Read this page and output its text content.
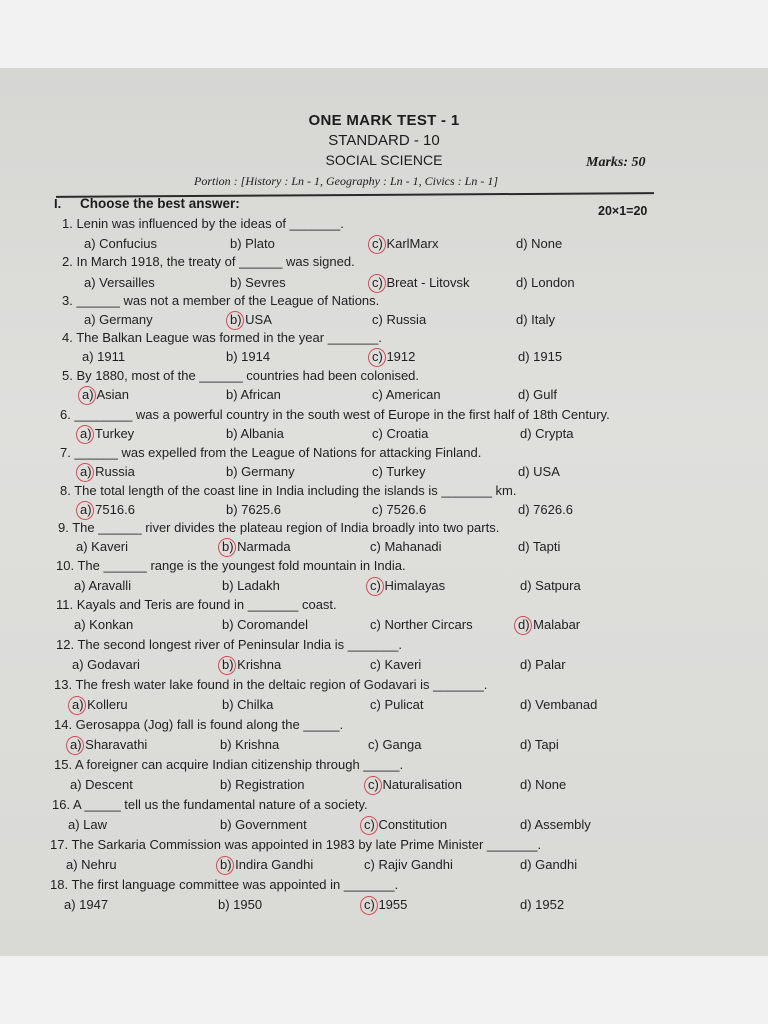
ONE MARK TEST - 1
STANDARD - 10
SOCIAL SCIENCE	Marks: 50
Portion : [History : Ln - 1, Geography : Ln - 1, Civics : Ln - 1]
I. Choose the best answer:	20×1=20
1. Lenin was influenced by the ideas of _______.
a) Confucius	b) Plato	c) KarlMarx	d) None
2. In March 1918, the treaty of ______ was signed.
a) Versailles	b) Sevres	c) Breat - Litovsk	d) London
3. ______ was not a member of the League of Nations.
a) Germany	b) USA	c) Russia	d) Italy
4. The Balkan League was formed in the year _______.
a) 1911	b) 1914	c) 1912	d) 1915
5. By 1880, most of the ______ countries had been colonised.
a) Asian	b) African	c) American	d) Gulf
6. ________ was a powerful country in the south west of Europe in the first half of 18th Century.
a) Turkey	b) Albania	c) Croatia	d) Crypta
7. ______ was expelled from the League of Nations for attacking Finland.
a) Russia	b) Germany	c) Turkey	d) USA
8. The total length of the coast line in India including the islands is _______ km.
a) 7516.6	b) 7625.6	c) 7526.6	d) 7626.6
9. The ______ river divides the plateau region of India broadly into two parts.
a) Kaveri	b) Narmada	c) Mahanadi	d) Tapti
10. The ______ range is the youngest fold mountain in India.
a) Aravalli	b) Ladakh	c) Himalayas	d) Satpura
11. Kayals and Teris are found in _______ coast.
a) Konkan	b) Coromandel	c) Norther Circars	d) Malabar
12. The second longest river of Peninsular India is _______.
a) Godavari	b) Krishna	c) Kaveri	d) Palar
13. The fresh water lake found in the deltaic region of Godavari is _______.
a) Kolleru	b) Chilka	c) Pulicat	d) Vembanad
14. Gerosappa (Jog) fall is found along the _____.
a) Sharavathi	b) Krishna	c) Ganga	d) Tapi
15. A foreigner can acquire Indian citizenship through _____.
a) Descent	b) Registration	c) Naturalisation	d) None
16. A _____ tell us the fundamental nature of a society.
a) Law	b) Government	c) Constitution	d) Assembly
17. The Sarkaria Commission was appointed in 1983 by late Prime Minister _______.
a) Nehru	b) Indira Gandhi	c) Rajiv Gandhi	d) Gandhi
18. The first language committee was appointed in _______.
a) 1947	b) 1950	c) 1955	d) 1952
